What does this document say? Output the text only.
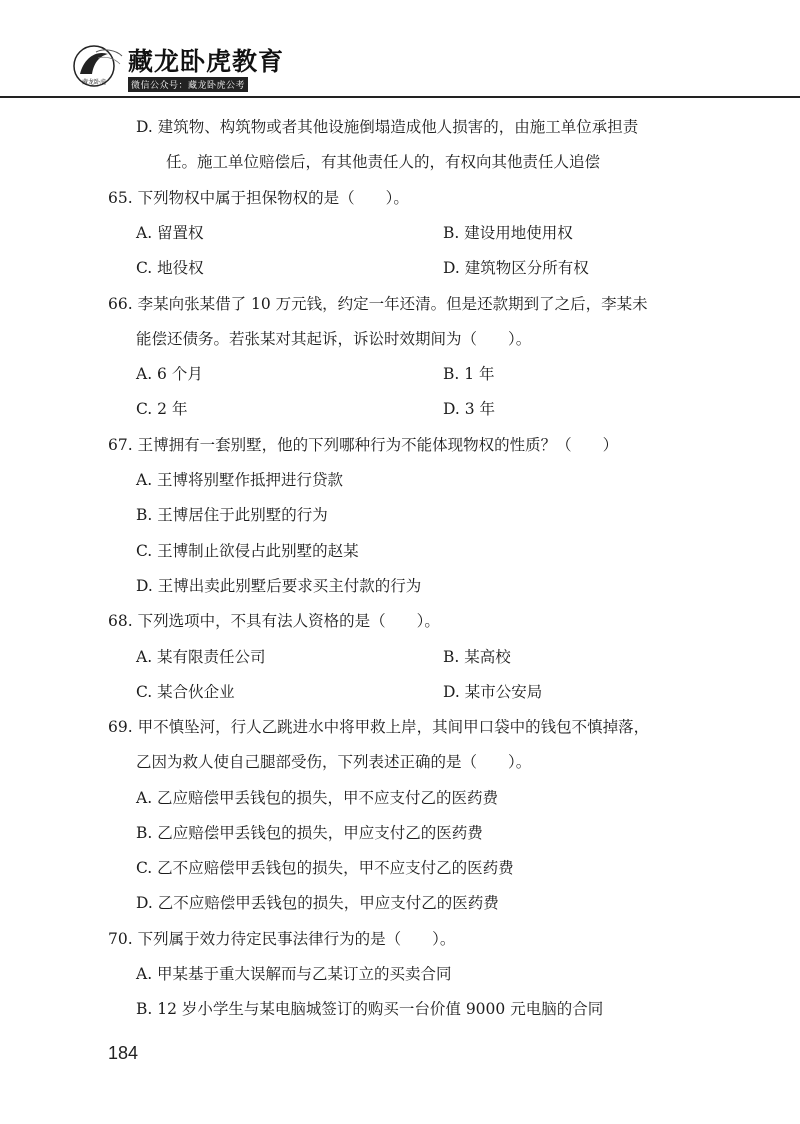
藏龙卧虎
藏龙卧虎教育
微信公众号：藏龙卧虎公考
D. 建筑物、构筑物或者其他设施倒塌造成他人损害的，由施工单位承担责
任。施工单位赔偿后，有其他责任人的，有权向其他责任人追偿
65. 下列物权中属于担保物权的是（　　）。
A. 留置权	B. 建设用地使用权
C. 地役权	D. 建筑物区分所有权
66. 李某向张某借了 10 万元钱，约定一年还清。但是还款期到了之后，李某未
能偿还债务。若张某对其起诉，诉讼时效期间为（　　）。
A. 6 个月	B. 1 年
C. 2 年	D. 3 年
67. 王博拥有一套别墅，他的下列哪种行为不能体现物权的性质？（　　）
A. 王博将别墅作抵押进行贷款
B. 王博居住于此别墅的行为
C. 王博制止欲侵占此别墅的赵某
D. 王博出卖此别墅后要求买主付款的行为
68. 下列选项中，不具有法人资格的是（　　）。
A. 某有限责任公司	B. 某高校
C. 某合伙企业	D. 某市公安局
69. 甲不慎坠河，行人乙跳进水中将甲救上岸，其间甲口袋中的钱包不慎掉落，
乙因为救人使自己腿部受伤，下列表述正确的是（　　）。
A. 乙应赔偿甲丢钱包的损失，甲不应支付乙的医药费
B. 乙应赔偿甲丢钱包的损失，甲应支付乙的医药费
C. 乙不应赔偿甲丢钱包的损失，甲不应支付乙的医药费
D. 乙不应赔偿甲丢钱包的损失，甲应支付乙的医药费
70. 下列属于效力待定民事法律行为的是（　　）。
A. 甲某基于重大误解而与乙某订立的买卖合同
B. 12 岁小学生与某电脑城签订的购买一台价值 9000 元电脑的合同
184
